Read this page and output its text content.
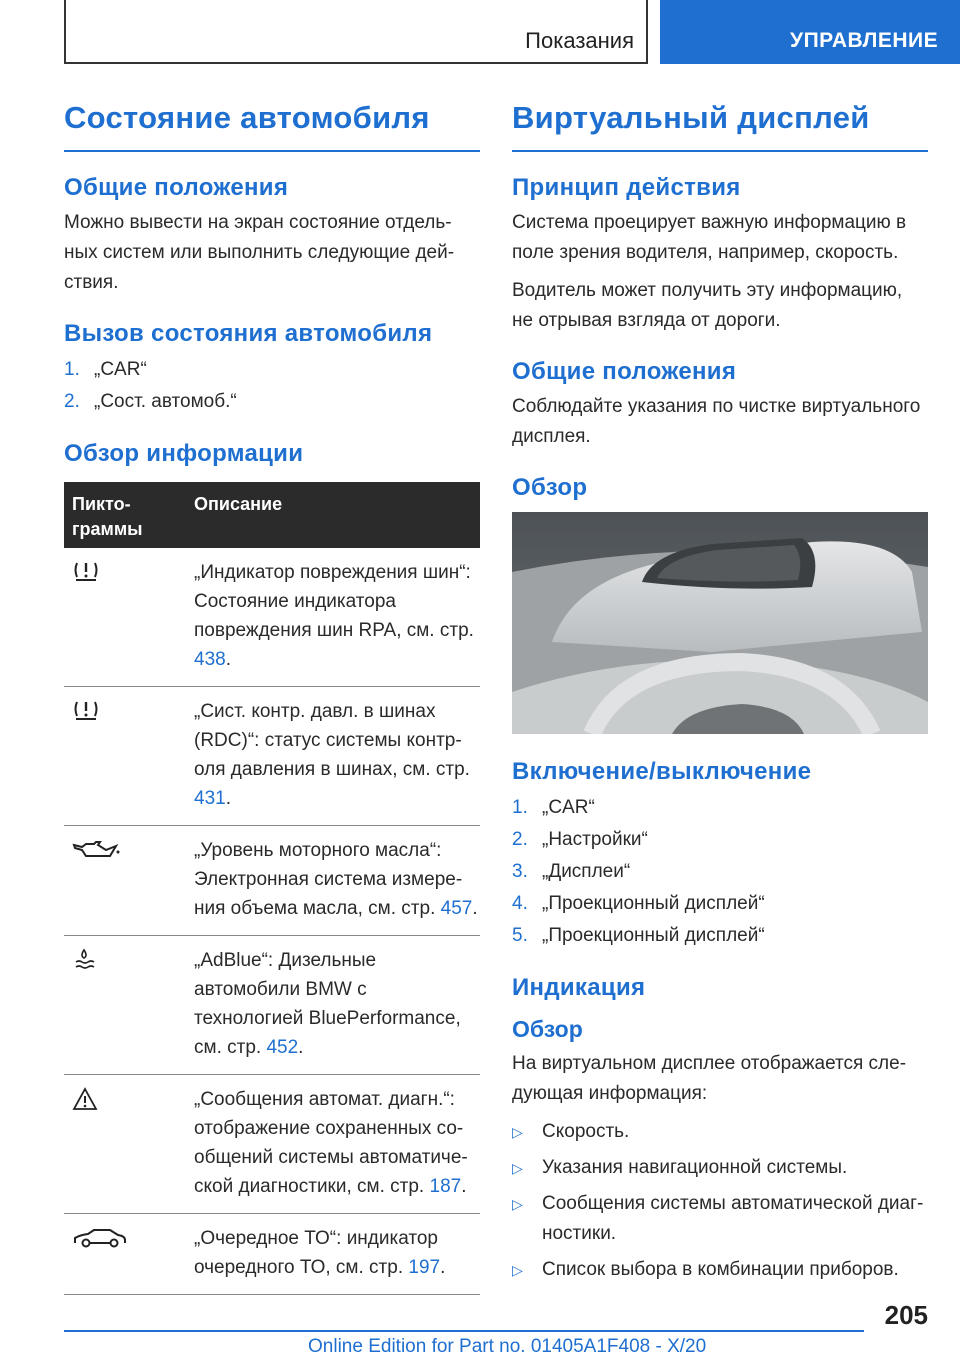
Показания	УПРАВЛЕНИЕ
Состояние автомобиля
Общие положения

Можно вывести на экран состояние отдель-ных систем или выполнить следующие дей-ствия.

Вызов состояния автомобиля
1. „CAR“
2. „Сост. автомоб.“
Обзор информации
Пикто-граммы
Описание
„Индикатор повреждения шин“: Состояние индикатора повреждения шин RPA, см. стр. 438.
„Сист. контр. давл. в шинах (RDC)“: статус системы контр-оля давления в шинах, см. стр. 431.
„Уровень моторного масла“: Электронная система измере-ния объема масла, см. стр. 457.
„AdBlue“: Дизельные автомобили BMW с технологией BluePerformance, см. стр. 452.
„Сообщения автомат. диагн.“: отображение сохраненных со-общений системы автоматиче-ской диагностики, см. стр. 187.
„Очередное ТО“: индикатор очередного ТО, см. стр. 197.
Виртуальный дисплей
Принцип действия

Система проецирует важную информацию в поле зрения водителя, например, скорость.

Водитель может получить эту информацию, не отрывая взгляда от дороги.

Общие положения

Соблюдайте указания по чистке виртуального дисплея.

Обзор
Включение/выключение
1. „CAR“
2. „Настройки“
3. „Дисплеи“
4. „Проекционный дисплей“
5. „Проекционный дисплей“
Индикация
Обзор

На виртуальном дисплее отображается сле-дующая информация:

▷ Скорость.
▷ Указания навигационной системы.
▷ Сообщения системы автоматической диаг-ностики.
▷ Список выбора в комбинации приборов.
205
Online Edition for Part no. 01405A1F408 - X/20
